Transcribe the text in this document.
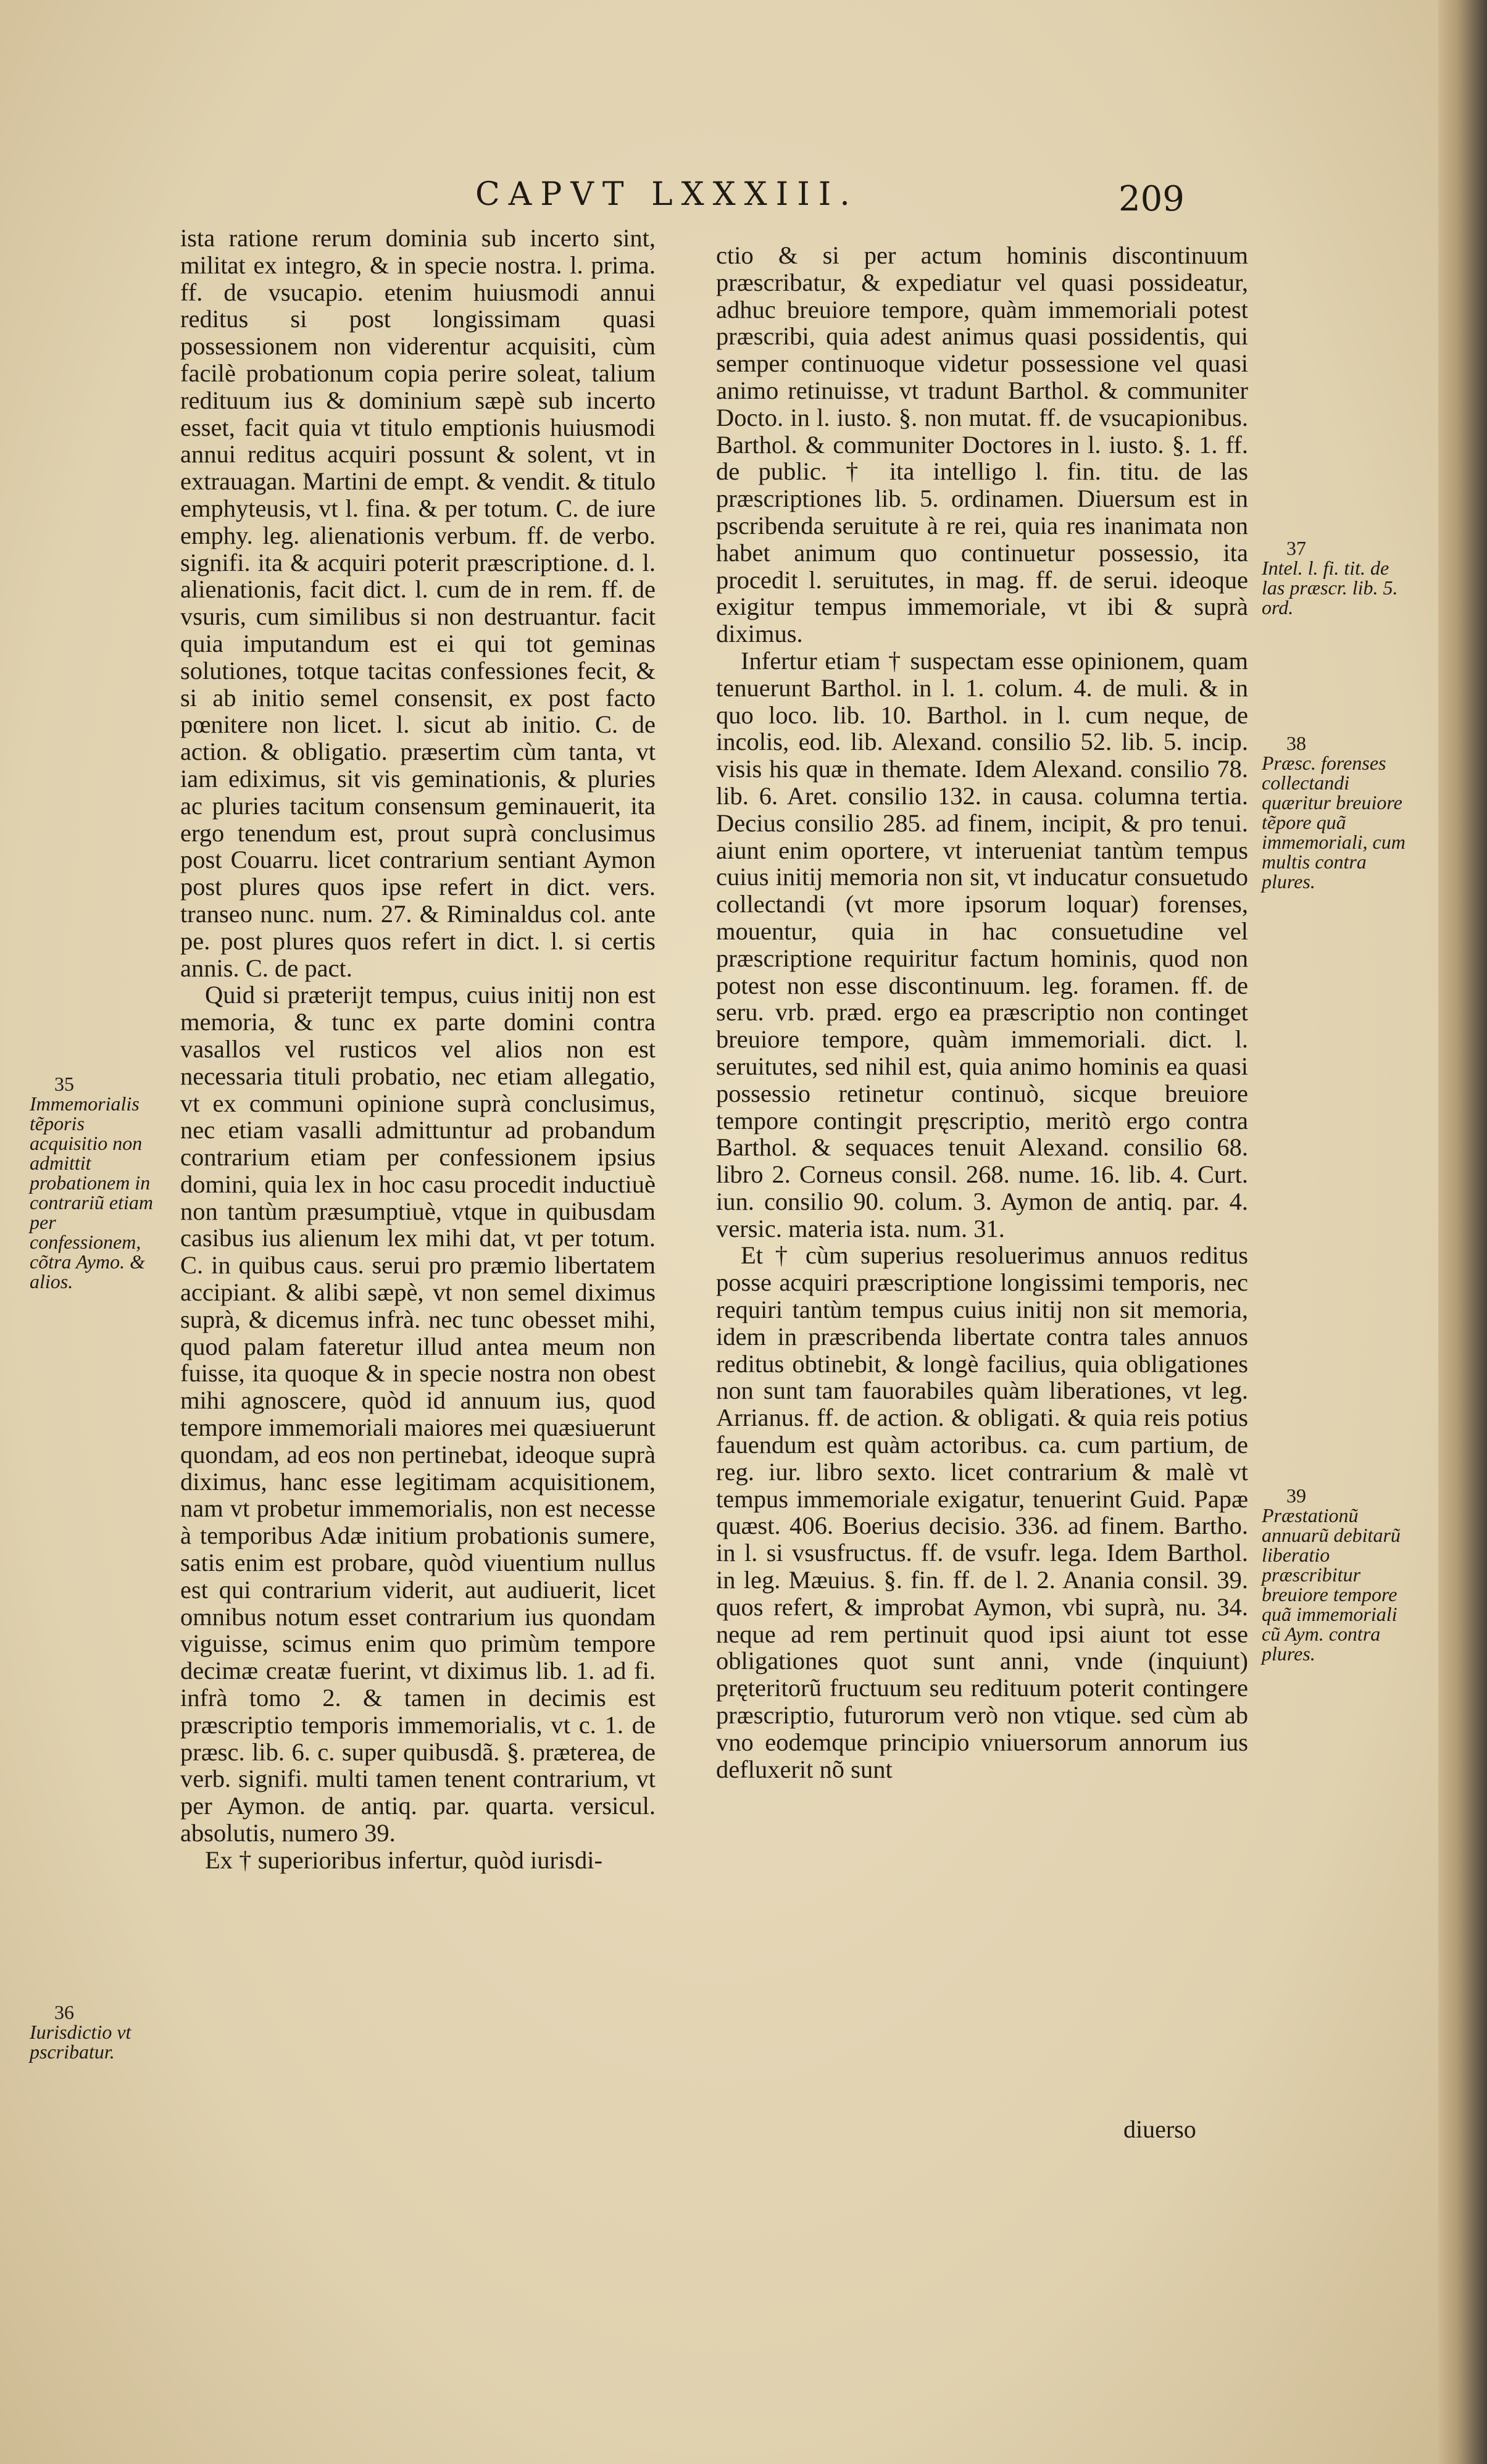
CAPVT LXXXIII.	209

ista ratione rerum dominia sub incerto sint, militat ex integro, & in specie nostra. l. prima. ff. de vsucapio. etenim huiusmodi annui reditus si post longissimam quasi possessionem non viderentur acquisiti, cùm facilè probationum copia perire soleat, talium redituum ius & dominium sæpè sub incerto esset, facit quia vt titulo emptionis huiusmodi annui reditus acquiri possunt & solent, vt in extrauagan. Martini de empt. & vendit. & titulo emphyteusis, vt l. fina. & per totum. C. de iure emphy. leg. alienationis verbum. ff. de verbo. signifi. ita & acquiri poterit præscriptione. d. l. alienationis, facit dict. l. cum de in rem. ff. de vsuris, cum similibus si non destruantur. facit quia imputandum est ei qui tot geminas solutiones, totque tacitas confessiones fecit, & si ab initio semel consensit, ex post facto pœnitere non licet. l. sicut ab initio. C. de action. & obligatio. præsertim cùm tanta, vt iam ediximus, sit vis geminationis, & pluries ac pluries tacitum consensum geminauerit, ita ergo tenendum est, prout suprà conclusimus post Couarru. licet contrarium sentiant Aymon post plures quos ipse refert in dict. vers. transeo nunc. num. 27. & Riminaldus col. ante pe. post plures quos refert in dict. l. si certis annis. C. de pact.

Quid si præterijt tempus, cuius initij non est memoria, & tunc ex parte domini contra vasallos vel rusticos vel alios non est necessaria tituli probatio, nec etiam allegatio, vt ex communi opinione suprà conclusimus, nec etiam vasalli admittuntur ad probandum contrarium etiam per confessionem ipsius domini, quia lex in hoc casu procedit inductiuè non tantùm præsumptiuè, vtque in quibusdam casibus ius alienum lex mihi dat, vt per totum. C. in quibus caus. serui pro præmio libertatem accipiant. & alibi sæpè, vt non semel diximus suprà, & dicemus infrà. nec tunc obesset mihi, quod palam fateretur illud antea meum non fuisse, ita quoque & in specie nostra non obest mihi agnoscere, quòd id annuum ius, quod tempore immemoriali maiores mei quæsiuerunt quondam, ad eos non pertinebat, ideoque suprà diximus, hanc esse legitimam acquisitionem, nam vt probetur immemorialis, non est necesse à temporibus Adæ initium probationis sumere, satis enim est probare, quòd viuentium nullus est qui contrarium viderit, aut audiuerit, licet omnibus notum esset contrarium ius quondam viguisse, scimus enim quo primùm tempore decimæ creatæ fuerint, vt diximus lib. 1. ad fi. infrà tomo 2. & tamen in decimis est præscriptio temporis immemorialis, vt c. 1. de præsc. lib. 6. c. super quibusdã. §. præterea, de verb. signifi. multi tamen tenent contrarium, vt per Aymon. de antiq. par. quarta. versicul. absolutis, numero 39.

Ex † superioribus infertur, quòd iurisdi-

ctio & si per actum hominis discontinuum præscribatur, & expediatur vel quasi possideatur, adhuc breuiore tempore, quàm immemoriali potest præscribi, quia adest animus quasi possidentis, qui semper continuoque videtur possessione vel quasi animo retinuisse, vt tradunt Barthol. & communiter Docto. in l. iusto. §. non mutat. ff. de vsucapionibus. Barthol. & communiter Doctores in l. iusto. §. 1. ff. de public. † ita intelligo l. fin. titu. de las præscriptiones lib. 5. ordinamen. Diuersum est in pscribenda seruitute à re rei, quia res inanimata non habet animum quo continuetur possessio, ita procedit l. seruitutes, in mag. ff. de serui. ideoque exigitur tempus immemoriale, vt ibi & suprà diximus.

Infertur etiam † suspectam esse opinionem, quam tenuerunt Barthol. in l. 1. colum. 4. de muli. & in quo loco. lib. 10. Barthol. in l. cum neque, de incolis, eod. lib. Alexand. consilio 52. lib. 5. incip. visis his quæ in themate. Idem Alexand. consilio 78. lib. 6. Aret. consilio 132. in causa. columna tertia. Decius consilio 285. ad finem, incipit, & pro tenui. aiunt enim oportere, vt interueniat tantùm tempus cuius initij memoria non sit, vt inducatur consuetudo collectandi (vt more ipsorum loquar) forenses, mouentur, quia in hac consuetudine vel præscriptione requiritur factum hominis, quod non potest non esse discontinuum. leg. foramen. ff. de seru. vrb. præd. ergo ea præscriptio non continget breuiore tempore, quàm immemoriali. dict. l. seruitutes, sed nihil est, quia animo hominis ea quasi possessio retinetur continuò, sicque breuiore tempore contingit pręscriptio, meritò ergo contra Barthol. & sequaces tenuit Alexand. consilio 68. libro 2. Corneus consil. 268. nume. 16. lib. 4. Curt. iun. consilio 90. colum. 3. Aymon de antiq. par. 4. versic. materia ista. num. 31.

Et † cùm superius resoluerimus annuos reditus posse acquiri præscriptione longissimi temporis, nec requiri tantùm tempus cuius initij non sit memoria, idem in præscribenda libertate contra tales annuos reditus obtinebit, & longè facilius, quia obligationes non sunt tam fauorabiles quàm liberationes, vt leg. Arrianus. ff. de action. & obligati. & quia reis potius fauendum est quàm actoribus. ca. cum partium, de reg. iur. libro sexto. licet contrarium & malè vt tempus immemoriale exigatur, tenuerint Guid. Papæ quæst. 406. Boerius decisio. 336. ad finem. Bartho. in l. si vsusfructus. ff. de vsufr. lega. Idem Barthol. in leg. Mæuius. §. fin. ff. de l. 2. Anania consil. 39. quos refert, & improbat Aymon, vbi suprà, nu. 34. neque ad rem pertinuit quod ipsi aiunt tot esse obligationes quot sunt anni, vnde (inquiunt) pręteritorũ fructuum seu redituum poterit contingere præscriptio, futurorum verò non vtique. sed cùm ab vno eodemque principio vniuersorum annorum ius defluxerit nõ sunt

35
Immemorialis tẽporis acquisitio non admittit probationem in contrariũ etiam per confessionem, cõtra Aymo. & alios.
36
Iurisdictio vt pscribatur.
37
Intel. l. fi. tit. de las præscr. lib. 5. ord.
38
Præsc. forenses collectandi quæritur breuiore tẽpore quã immemoriali, cum multis contra plures.
39
Præstationũ annuarũ debitarũ liberatio præscribitur breuiore tempore quã immemoriali cũ Aym. contra plures.
diuerso
